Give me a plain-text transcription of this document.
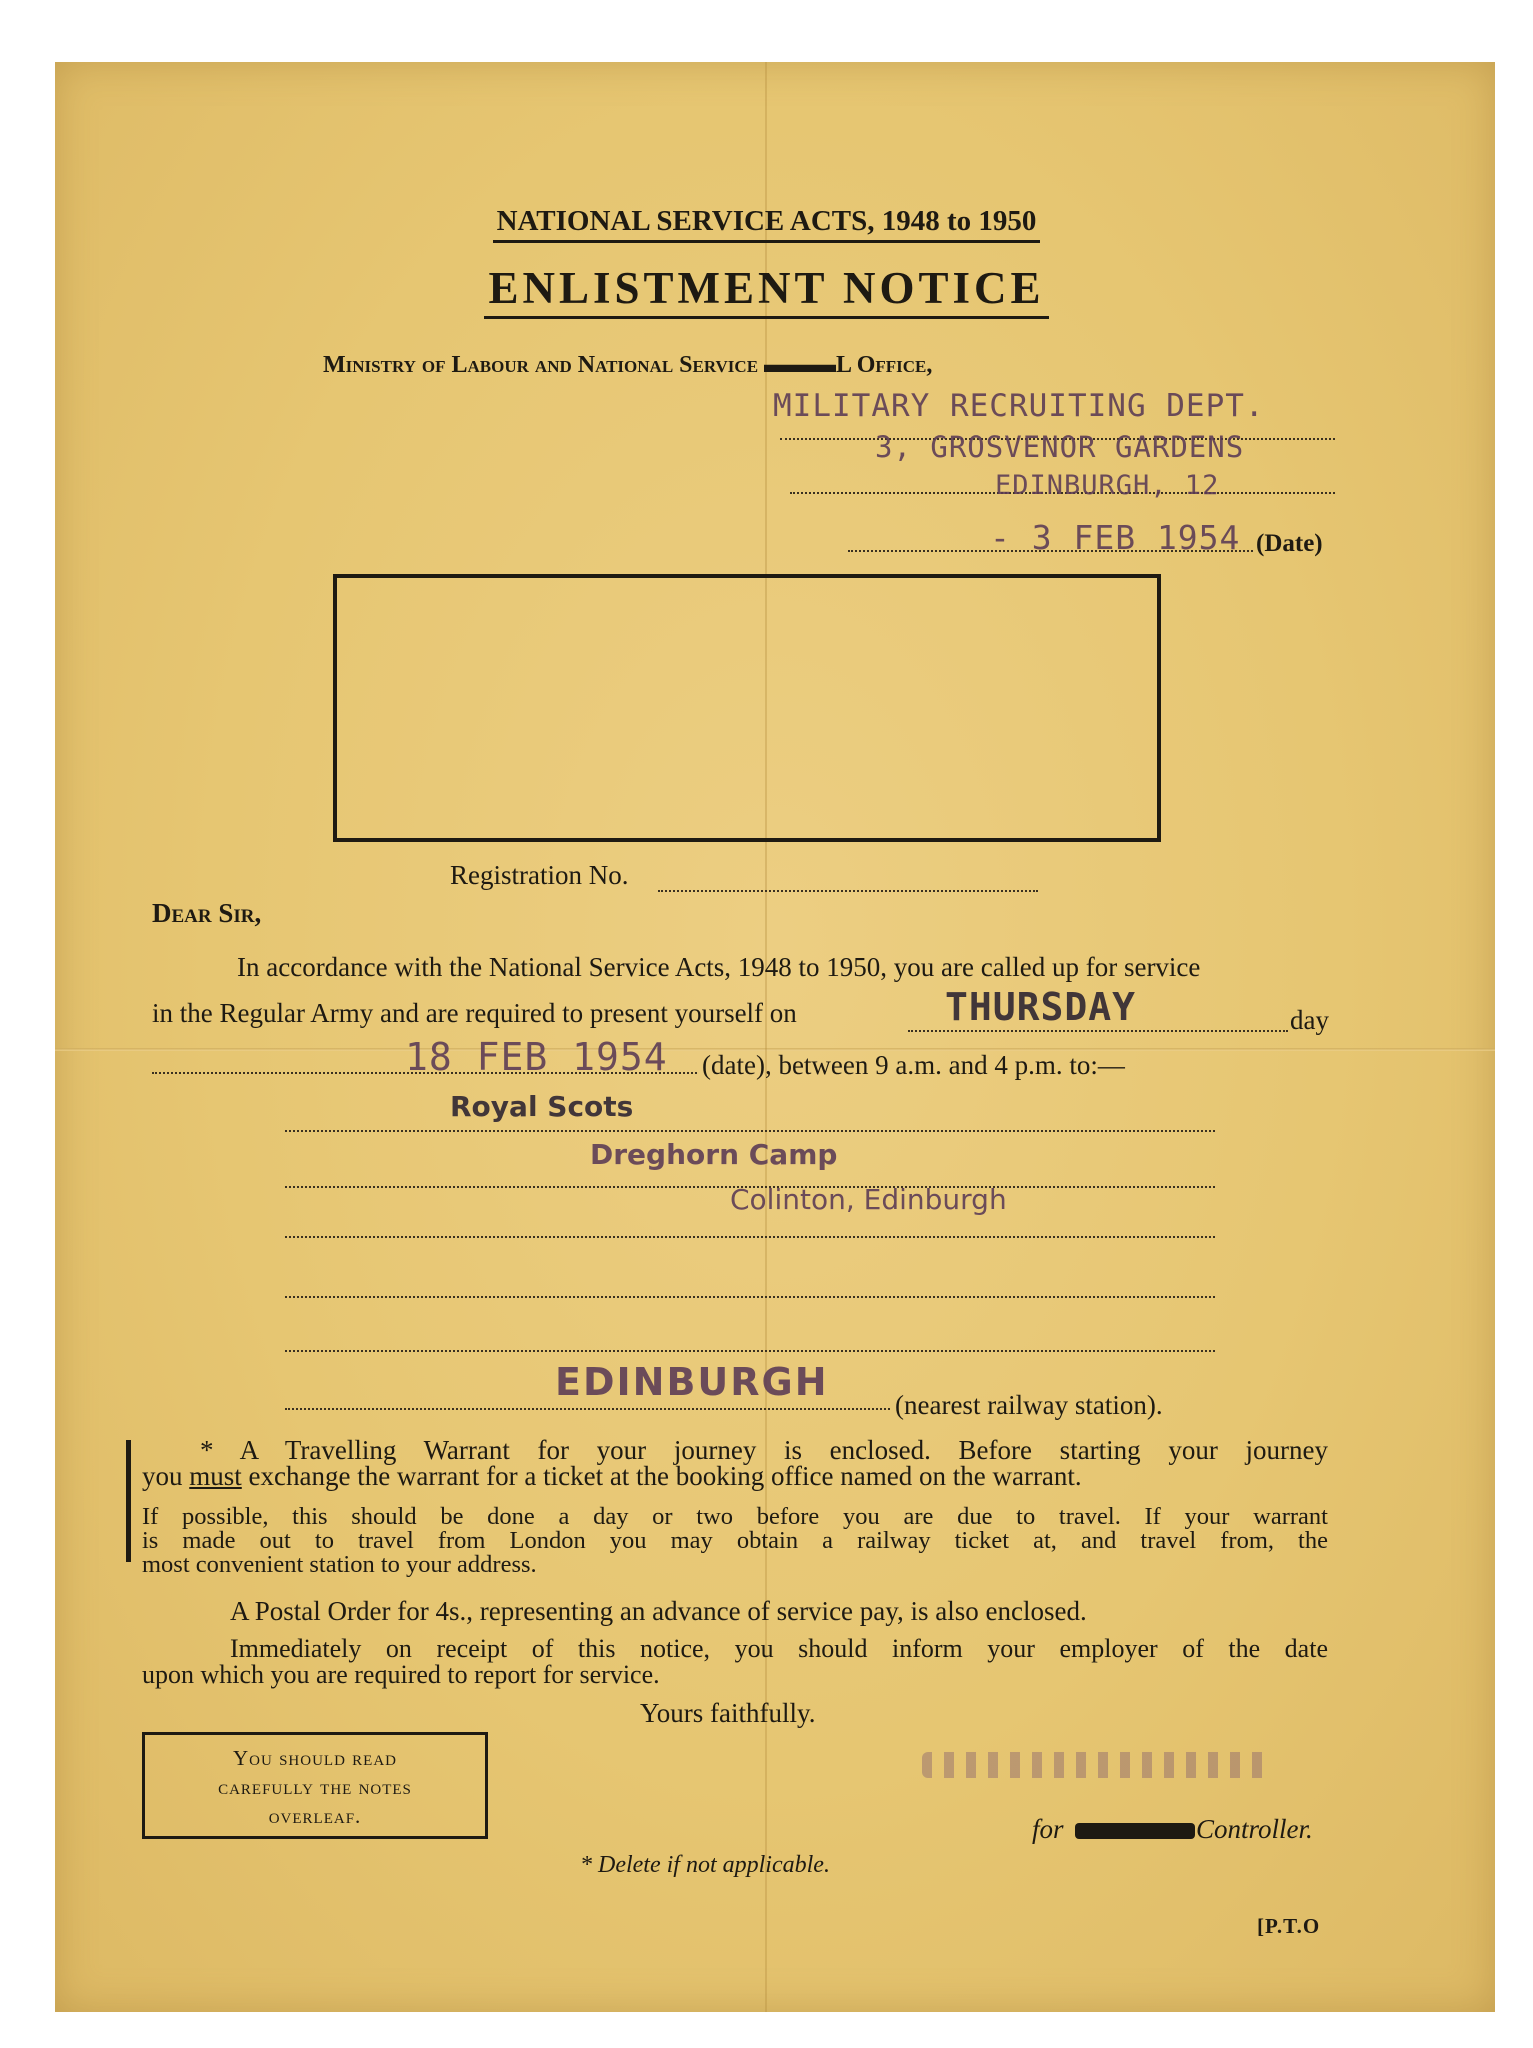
NATIONAL SERVICE ACTS, 1948 to 1950
ENLISTMENT NOTICE
Ministry of Labour and National Service ▬▬▬L Office,
MILITARY RECRUITING DEPT.
3, GROSVENOR GARDENS
EDINBURGH, 12
- 3 FEB 1954 (Date)
Registration No.
Dear Sir,
In accordance with the National Service Acts, 1948 to 1950, you are called up for service
in the Regular Army and are required to present yourself on	THURSDAY	day
18 FEB 1954 (date), between 9 a.m. and 4 p.m. to:—
Royal Scots
Dreghorn Camp
Colinton, Edinburgh
EDINBURGH
(nearest railway station).
* A Travelling Warrant for your journey is enclosed. Before starting your journey
you must exchange the warrant for a ticket at the booking office named on the warrant.
If possible, this should be done a day or two before you are due to travel. If your warrant
is made out to travel from London you may obtain a railway ticket at, and travel from, the
most convenient station to your address.
A Postal Order for 4s., representing an advance of service pay, is also enclosed.
Immediately on receipt of this notice, you should inform your employer of the date
upon which you are required to report for service.
Yours faithfully.
You should read
carefully the notes
overleaf.	for	Controller.
* Delete if not applicable.
[P.T.O
